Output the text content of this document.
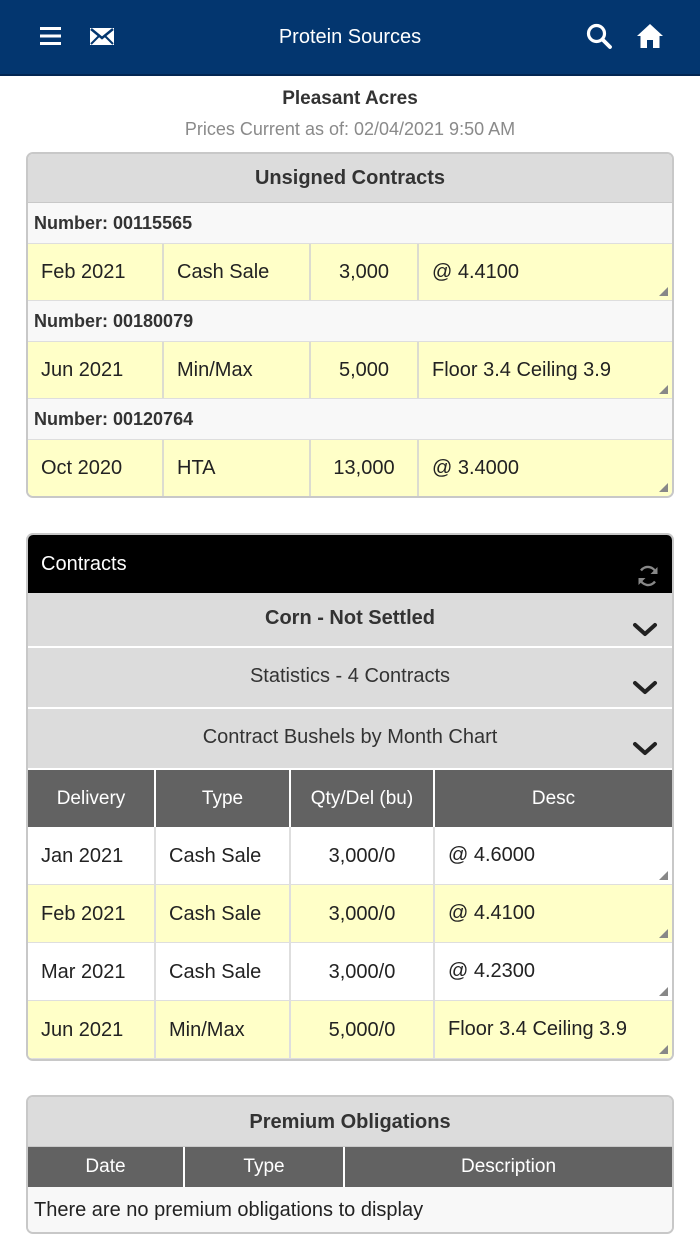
Protein Sources
Pleasant Acres
Prices Current as of: 02/04/2021 9:50 AM
Unsigned Contracts
Number: 00115565
Feb 2021	Cash Sale	3,000	@ 4.4100
Number: 00180079
Jun 2021	Min/Max	5,000	Floor 3.4 Ceiling 3.9
Number: 00120764
Oct 2020	HTA	13,000	@ 3.4000
Contracts
Corn - Not Settled
Statistics - 4 Contracts
Contract Bushels by Month Chart
Delivery	Type	Qty/Del (bu)	Desc
Jan 2021	Cash Sale	3,000/0	@ 4.6000
Feb 2021	Cash Sale	3,000/0	@ 4.4100
Mar 2021	Cash Sale	3,000/0	@ 4.2300
Jun 2021	Min/Max	5,000/0	Floor 3.4 Ceiling 3.9
Premium Obligations
Date	Type	Description
There are no premium obligations to display
